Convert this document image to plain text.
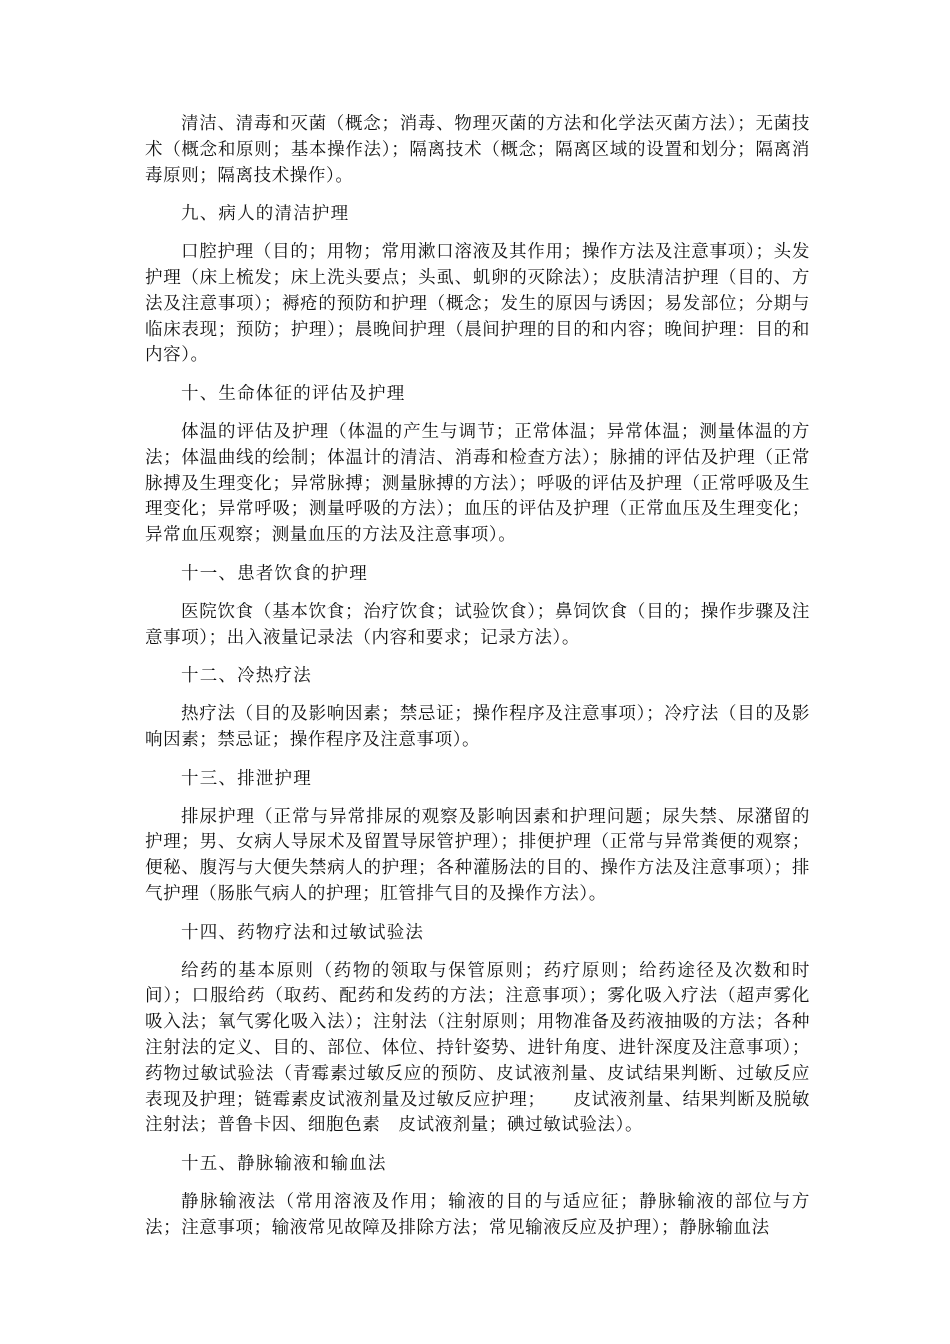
清洁、清毒和灭菌（概念；消毒、物理灭菌的方法和化学法灭菌方法）；无菌技术（概念和原则；基本操作法）；隔离技术（概念；隔离区域的设置和划分；隔离消毒原则；隔离技术操作）。

九、病人的清洁护理

口腔护理（目的；用物；常用漱口溶液及其作用；操作方法及注意事项）；头发护理（床上梳发；床上洗头要点；头虱、虮卵的灭除法）；皮肤清洁护理（目的、方法及注意事项）；褥疮的预防和护理（概念；发生的原因与诱因；易发部位；分期与临床表现；预防；护理）；晨晚间护理（晨间护理的目的和内容；晚间护理：目的和内容）。

十、生命体征的评估及护理

体温的评估及护理（体温的产生与调节；正常体温；异常体温；测量体温的方法；体温曲线的绘制；体温计的清洁、消毒和检查方法）；脉捕的评估及护理（正常脉搏及生理变化；异常脉搏；测量脉搏的方法）；呼吸的评估及护理（正常呼吸及生理变化；异常呼吸；测量呼吸的方法）；血压的评估及护理（正常血压及生理变化；异常血压观察；测量血压的方法及注意事项）。

十一、患者饮食的护理

医院饮食（基本饮食；治疗饮食；试验饮食）；鼻饲饮食（目的；操作步骤及注意事项）；出入液量记录法（内容和要求；记录方法）。

十二、冷热疗法

热疗法（目的及影响因素；禁忌证；操作程序及注意事项）；冷疗法（目的及影响因素；禁忌证；操作程序及注意事项）。

十三、排泄护理

排尿护理（正常与异常排尿的观察及影响因素和护理问题；尿失禁、尿潴留的护理；男、女病人导尿术及留置导尿管护理）；排便护理（正常与异常粪便的观察；便秘、腹泻与大便失禁病人的护理；各种灌肠法的目的、操作方法及注意事项）；排气护理（肠胀气病人的护理；肛管排气目的及操作方法）。

十四、药物疗法和过敏试验法

给药的基本原则（药物的领取与保管原则；药疗原则；给药途径及次数和时间）；口服给药（取药、配药和发药的方法；注意事项）；雾化吸入疗法（超声雾化吸入法；氧气雾化吸入法）；注射法（注射原则；用物准备及药液抽吸的方法；各种注射法的定义、目的、部位、体位、持针姿势、进针角度、进针深度及注意事项）；药物过敏试验法（青霉素过敏反应的预防、皮试液剂量、皮试结果判断、过敏反应表现及护理；链霉素皮试液剂量及过敏反应护理；　　皮试液剂量、结果判断及脱敏注射法；普鲁卡因、细胞色素　皮试液剂量；碘过敏试验法）。

十五、静脉输液和输血法

静脉输液法（常用溶液及作用；输液的目的与适应征；静脉输液的部位与方法；注意事项；输液常见故障及排除方法；常见输液反应及护理）；静脉输血法
